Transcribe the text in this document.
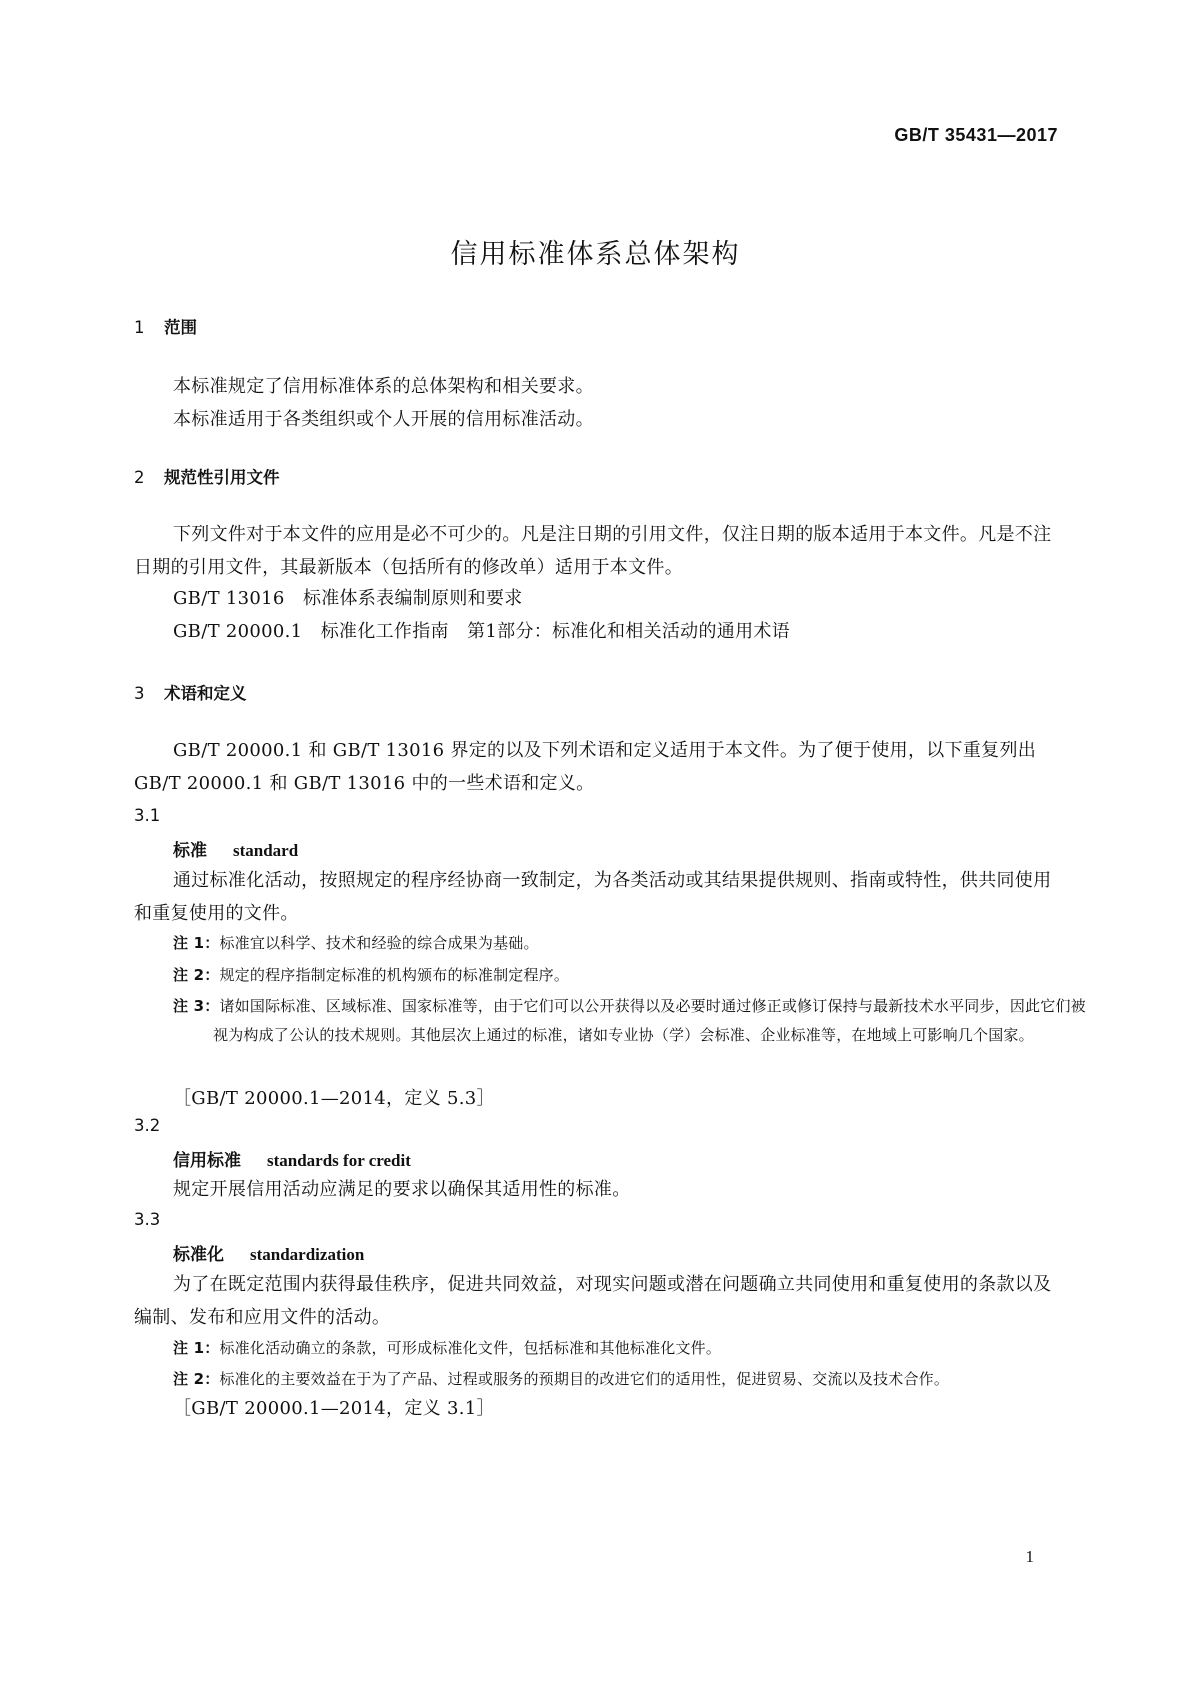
GB/T 35431—2017
信用标准体系总体架构
1 范围
本标准规定了信用标准体系的总体架构和相关要求。
本标准适用于各类组织或个人开展的信用标准活动。
2 规范性引用文件
下列文件对于本文件的应用是必不可少的。凡是注日期的引用文件，仅注日期的版本适用于本文件。凡是不注日期的引用文件，其最新版本（包括所有的修改单）适用于本文件。
GB/T 13016　标准体系表编制原则和要求
GB/T 20000.1　标准化工作指南　第1部分：标准化和相关活动的通用术语
3 术语和定义
GB/T 20000.1 和 GB/T 13016 界定的以及下列术语和定义适用于本文件。为了便于使用，以下重复列出 GB/T 20000.1 和 GB/T 13016 中的一些术语和定义。
3.1
标准 standard
通过标准化活动，按照规定的程序经协商一致制定，为各类活动或其结果提供规则、指南或特性，供共同使用和重复使用的文件。
注 1：标准宜以科学、技术和经验的综合成果为基础。
注 2：规定的程序指制定标准的机构颁布的标准制定程序。
注 3：诸如国际标准、区域标准、国家标准等，由于它们可以公开获得以及必要时通过修正或修订保持与最新技术水平同步，因此它们被视为构成了公认的技术规则。其他层次上通过的标准，诸如专业协（学）会标准、企业标准等，在地域上可影响几个国家。
［GB/T 20000.1—2014，定义 5.3］
3.2
信用标准 standards for credit
规定开展信用活动应满足的要求以确保其适用性的标准。
3.3
标准化 standardization
为了在既定范围内获得最佳秩序，促进共同效益，对现实问题或潜在问题确立共同使用和重复使用的条款以及编制、发布和应用文件的活动。
注 1：标准化活动确立的条款，可形成标准化文件，包括标准和其他标准化文件。
注 2：标准化的主要效益在于为了产品、过程或服务的预期目的改进它们的适用性，促进贸易、交流以及技术合作。
［GB/T 20000.1—2014，定义 3.1］
1
